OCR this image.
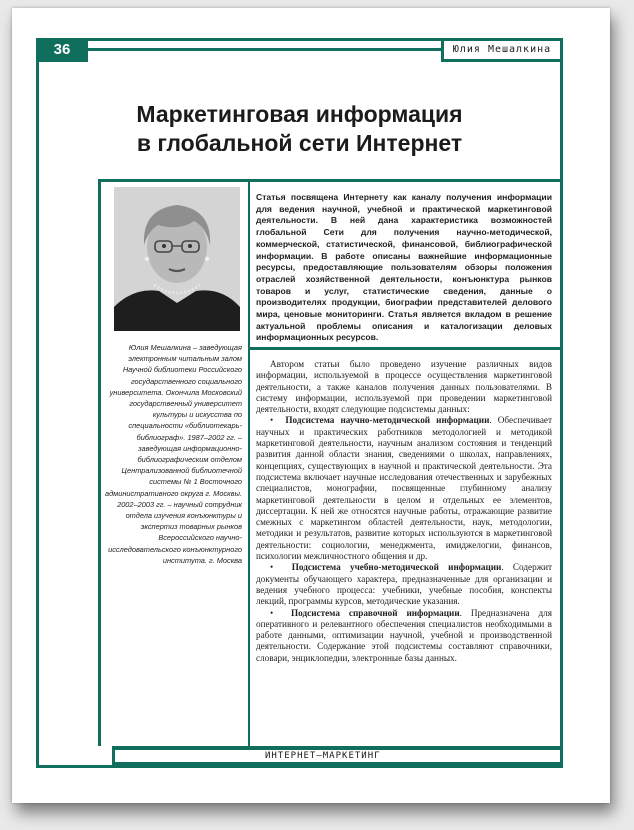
36	Юлия Мешалкина
Маркетинговая информация
в глобальной сети Интернет

Юлия Мешалкина – заведующая электронным читальным залом Научной библиотеки Российского государственного социального университета. Окончила Московский государственный университет культуры и искусства по специальности «библиотекарь-библиограф». 1987–2002 гг. – заведующая информационно-библиографическим отделом Централизованной библиотечной системы № 1 Восточного административного округа г. Москвы. 2002–2003 гг. – научный сотрудник отдела изучения конъюнктуры и экспертиз товарных рынков Всероссийского научно-исследовательского конъюнктурного института. г. Москва

Статья посвящена Интернету как каналу получения информации для ведения научной, учебной и практической маркетинговой деятельности. В ней дана характеристика возможностей глобальной Сети для получения научно-методической, коммерческой, статистической, финансовой, библиографической информации. В работе описаны важнейшие информационные ресурсы, предоставляющие пользователям обзоры положения отраслей хозяйственной деятельности, конъюнктура рынков товаров и услуг, статистические сведения, данные о производителях продукции, биографии представителей делового мира, ценовые мониторинги. Статья является вкладом в решение актуальной проблемы описания и каталогизации деловых информационных ресурсов.

Автором статьи было проведено изучение различных видов информации, используемой в процессе осуществления маркетинговой деятельности, а также каналов получения данных пользователями. В систему информации, используемой при проведении маркетинговой деятельности, входят следующие подсистемы данных:

•  Подсистема научно-методической информации. Обеспечивает научных и практических работников методологией и методикой маркетинговой деятельности, научным анализом состояния и тенденций развития данной области знания, сведениями о школах, направлениях, концепциях, существующих в научной и практической деятельности. Эта подсистема включает научные исследования отечественных и зарубежных специалистов, монографии, посвященные глубинному анализу маркетинговой деятельности в целом и отдельных ее элементов, диссертации. К ней же относятся научные работы, отражающие развитие смежных с маркетингом областей деятельности, наук, методологии, методики и результатов, развитие которых используются в маркетинговой деятельности: социологии, менеджмента, имиджелогии, финансов, психологии межличностного общения и др.

•  Подсистема учебно-методической информации. Содержит документы обучающего характера, предназначенные для организации и ведения учебного процесса: учебники, учебные пособия, конспекты лекций, программы курсов, методические указания.

•  Подсистема справочной информации. Предназначена для оперативного и релевантного обеспечения специалистов необходимыми в работе данными, оптимизации научной, учебной и производственной деятельности. Содержание этой подсистемы составляют справочники, словари, энциклопедии, электронные базы данных.

ИНТЕРНЕТ–МАРКЕТИНГ
